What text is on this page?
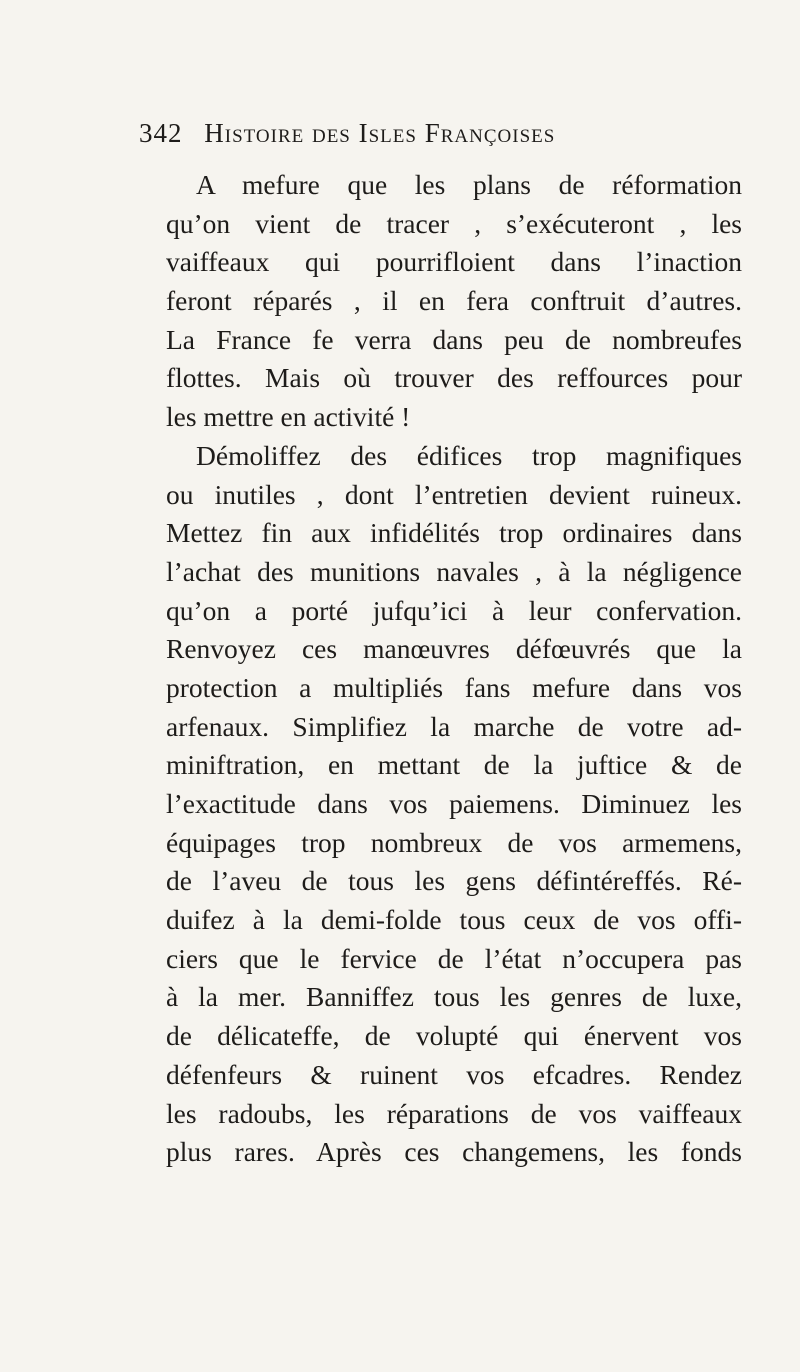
342 Histoire des Isles Françoises
A mefure que les plans de réformation
qu’on vient de tracer , s’exécuteront , les
vaiffeaux qui pourrifloient dans l’inaction
feront réparés , il en fera conftruit d’autres.
La France fe verra dans peu de nombreufes
flottes. Mais où trouver des reffources pour
les mettre en activité !
Démoliffez des édifices trop magnifiques
ou inutiles , dont l’entretien devient ruineux.
Mettez fin aux infidélités trop ordinaires dans
l’achat des munitions navales , à la négligence
qu’on a porté jufqu’ici à leur confervation.
Renvoyez ces manœuvres défœuvrés que la
protection a multipliés fans mefure dans vos
arfenaux. Simplifiez la marche de votre ad-
miniftration, en mettant de la juftice & de
l’exactitude dans vos paiemens. Diminuez les
équipages trop nombreux de vos armemens,
de l’aveu de tous les gens défintéreffés. Ré-
duifez à la demi-folde tous ceux de vos offi-
ciers que le fervice de l’état n’occupera pas
à la mer. Banniffez tous les genres de luxe,
de délicateffe, de volupté qui énervent vos
défenfeurs & ruinent vos efcadres. Rendez
les radoubs, les réparations de vos vaiffeaux
plus rares. Après ces changemens, les fonds
